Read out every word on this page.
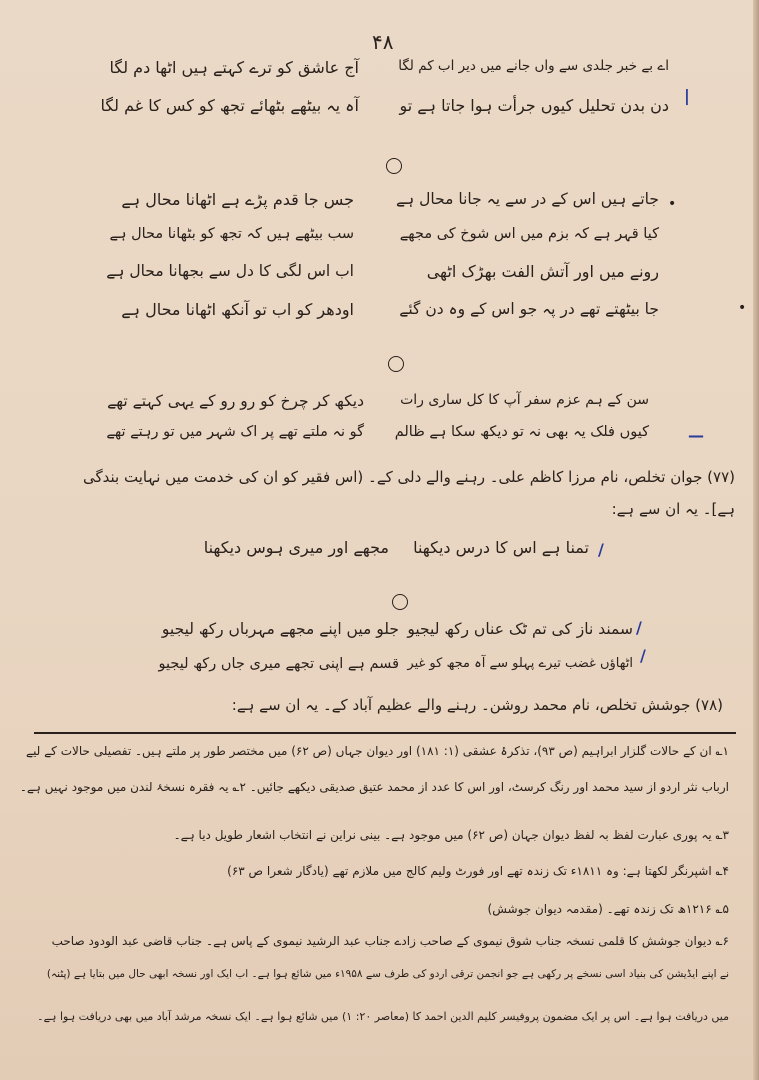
۴۸
|
اے بے خبر جلدی سے واں جانے میں دیر اب کم لگا
دن بدن تحلیل کیوں جرأت ہوا جاتا ہے تو
آج عاشق کو ترے کہتے ہیں اٹھا دم لگا
آہ یہ بیٹھے بٹھائے تجھ کو کس کا غم لگا
•
•
جاتے ہیں اس کے در سے یہ جانا محال ہے
کیا قہر ہے کہ بزم میں اس شوخ کی مجھے
رونے میں اور آتش الفت بھڑک اٹھی
جا بیٹھتے تھے در پہ جو اس کے وہ دن گئے
جس جا قدم پڑے ہے اٹھانا محال ہے
سب بیٹھے ہیں کہ تجھ کو بٹھانا محال ہے
اب اس لگی کا دل سے بجھانا محال ہے
اودھر کو اب تو آنکھ اٹھانا محال ہے
—
سن کے ہم عزم سفر آپ کا کل ساری رات
کیوں فلک یہ بھی نہ تو دیکھ سکا ہے ظالم
دیکھ کر چرخ کو رو رو کے یہی کہتے تھے
گو نہ ملتے تھے پر اک شہر میں تو رہتے تھے
(۷۷) جوان تخلص، نام مرزا کاظم علی۔ رہنے والے دلی کے۔ (اس فقیر کو ان کی خدمت میں نہایت بندگی
ہے]۔ یہ ان سے ہے:
/
تمنا ہے اس کا درس دیکھنا
مجھے اور میری ہوس دیکھنا
/
/
سمند ناز کی تم ٹک عناں رکھ لیجیو
اٹھاؤں غضب تیرے پہلو سے آہ مجھ کو غیر
جلو میں اپنے مجھے مہرباں رکھ لیجیو
قسم ہے اپنی تجھے میری جاں رکھ لیجیو
(۷۸) جوشش تخلص، نام محمد روشن۔ رہنے والے عظیم آباد کے۔ یہ ان سے ہے:
۱؎ ان کے حالات گلزار ابراہیم (ص ۹۳)، تذکرۂ عشقی (۱: ۱۸۱) اور دیوان جہاں (ص ۶۲) میں مختصر طور پر ملتے ہیں۔ تفصیلی حالات کے لیے
ارباب نثر اردو از سید محمد اور رنگ کرسٹ، اور اس کا عدد از محمد عتیق صدیقی دیکھے جائیں۔ ۲؎ یہ فقرہ نسخۂ لندن میں موجود نہیں ہے۔
۳؎ یہ پوری عبارت لفظ بہ لفظ دیوان جہان (ص ۶۲) میں موجود ہے۔ بینی نراین نے انتخاب اشعار طویل دیا ہے۔
۴؎ اشپرنگر لکھتا ہے: وہ ۱۸۱۱ء تک زندہ تھے اور فورٹ ولیم کالج میں ملازم تھے (یادگار شعرا ص ۶۳)
۵؎ ۱۲۱۶ھ تک زندہ تھے۔ (مقدمہ دیوان جوشش)
۶؎ دیوان جوشش کا قلمی نسخہ جناب شوق نیموی کے صاحب زادے جناب عبد الرشید نیموی کے پاس ہے۔ جناب قاضی عبد الودود صاحب
نے اپنے ایڈیشن کی بنیاد اسی نسخے پر رکھی ہے جو انجمن ترقی اردو کی طرف سے ۱۹۵۸ء میں شائع ہوا ہے۔ اب ایک اور نسخہ ابھی حال میں بتایا ہے (پٹنہ)
میں دریافت ہوا ہے۔ اس پر ایک مضمون پروفیسر کلیم الدین احمد کا (معاصر ۲۰: ۱) میں شائع ہوا ہے۔ ایک نسخہ مرشد آباد میں بھی دریافت ہوا ہے۔
